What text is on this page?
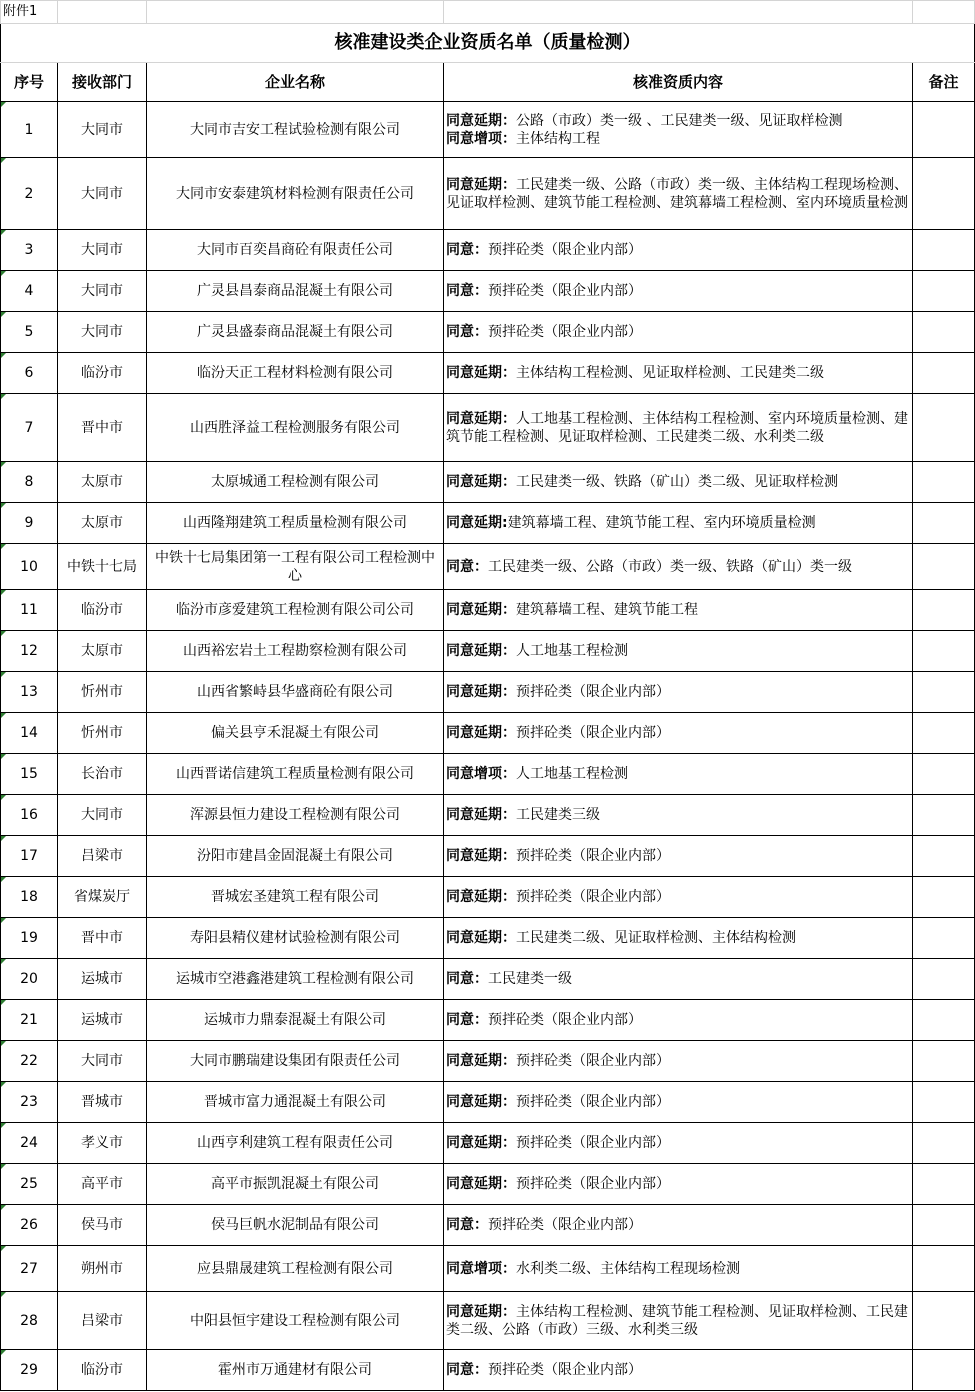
附件1				
核准建设类企业资质名单（质量检测）				
序号	接收部门	企业名称	核准资质内容	备注
1	大同市	大同市吉安工程试验检测有限公司	同意延期：公路（市政）类一级 、工民建类一级、见证取样检测
同意增项：主体结构工程	

2	大同市	大同市安泰建筑材料检测有限责任公司	同意延期：工民建类一级、公路（市政）类一级、主体结构工程现场检测、见证取样检测、建筑节能工程检测、建筑幕墙工程检测、室内环境质量检测	

3	大同市	大同市百奕昌商砼有限责任公司	同意：预拌砼类（限企业内部）	

4	大同市	广灵县昌泰商品混凝土有限公司	同意：预拌砼类（限企业内部）	

5	大同市	广灵县盛泰商品混凝土有限公司	同意：预拌砼类（限企业内部）	

6	临汾市	临汾天正工程材料检测有限公司	同意延期：主体结构工程检测、见证取样检测、工民建类二级	

7	晋中市	山西胜泽益工程检测服务有限公司	同意延期：人工地基工程检测、主体结构工程检测、室内环境质量检测、建筑节能工程检测、见证取样检测、工民建类二级、水利类二级	

8	太原市	太原城通工程检测有限公司	同意延期：工民建类一级、铁路（矿山）类二级、见证取样检测	

9	太原市	山西隆翔建筑工程质量检测有限公司	同意延期:建筑幕墙工程、建筑节能工程、室内环境质量检测	

10	中铁十七局	中铁十七局集团第一工程有限公司工程检测中心	同意：工民建类一级、公路（市政）类一级、铁路（矿山）类一级	

11	临汾市	临汾市彦爱建筑工程检测有限公司公司	同意延期：建筑幕墙工程、建筑节能工程	

12	太原市	山西裕宏岩土工程勘察检测有限公司	同意延期：人工地基工程检测	

13	忻州市	山西省繁峙县华盛商砼有限公司	同意延期：预拌砼类（限企业内部）	

14	忻州市	偏关县亨禾混凝土有限公司	同意延期：预拌砼类（限企业内部）	

15	长治市	山西晋诺信建筑工程质量检测有限公司	同意增项：人工地基工程检测	

16	大同市	浑源县恒力建设工程检测有限公司	同意延期：工民建类三级	

17	吕梁市	汾阳市建昌金固混凝土有限公司	同意延期：预拌砼类（限企业内部）	

18	省煤炭厅	晋城宏圣建筑工程有限公司	同意延期：预拌砼类（限企业内部）	

19	晋中市	寿阳县精仪建材试验检测有限公司	同意延期：工民建类二级、见证取样检测、主体结构检测	

20	运城市	运城市空港鑫港建筑工程检测有限公司	同意：工民建类一级	

21	运城市	运城市力鼎泰混凝土有限公司	同意：预拌砼类（限企业内部）	

22	大同市	大同市鹏瑞建设集团有限责任公司	同意延期：预拌砼类（限企业内部）	

23	晋城市	晋城市富力通混凝土有限公司	同意延期：预拌砼类（限企业内部）	

24	孝义市	山西亨利建筑工程有限责任公司	同意延期：预拌砼类（限企业内部）	

25	高平市	高平市振凯混凝土有限公司	同意延期：预拌砼类（限企业内部）	

26	侯马市	侯马巨帆水泥制品有限公司	同意：预拌砼类（限企业内部）	

27	朔州市	应县鼎晟建筑工程检测有限公司	同意增项：水利类二级、主体结构工程现场检测	

28	吕梁市	中阳县恒宇建设工程检测有限公司	同意延期：主体结构工程检测、建筑节能工程检测、见证取样检测、工民建类二级、公路（市政）三级、水利类三级	

29	临汾市	霍州市万通建材有限公司	同意：预拌砼类（限企业内部）	
